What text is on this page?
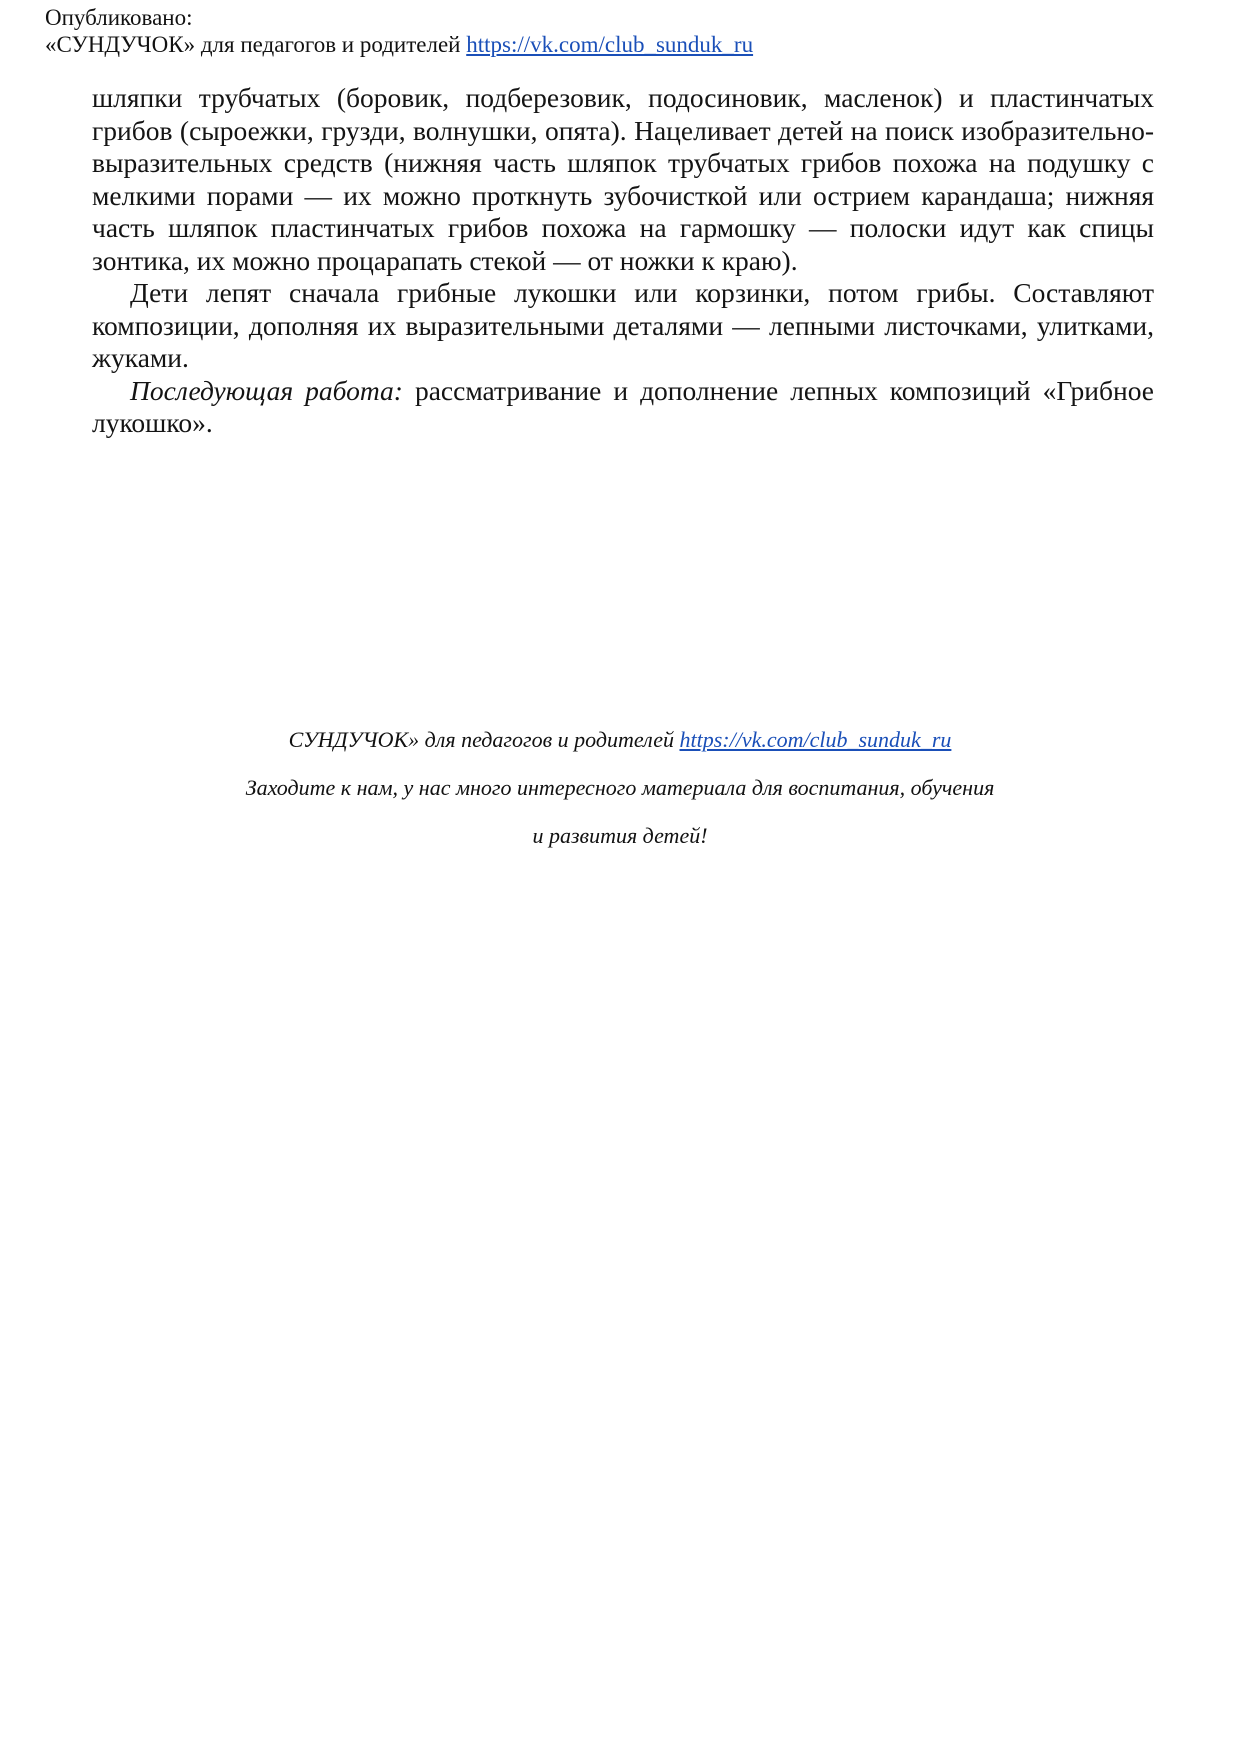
Опубликовано:
«СУНДУЧОК» для педагогов и родителей https://vk.com/club_sunduk_ru

шляпки трубчатых (боровик, подберезовик, подосиновик, масленок) и пластинчатых грибов (сыроежки, грузди, волнушки, опята). Нацеливает детей на поиск изобразительно-выразительных средств (нижняя часть шляпок трубчатых грибов похожа на подушку с мелкими порами — их можно проткнуть зубочисткой или острием карандаша; нижняя часть шляпок пластинчатых грибов похожа на гармошку — полоски идут как спицы зонтика, их можно процарапать стекой — от ножки к краю).

Дети лепят сначала грибные лукошки или корзинки, потом грибы. Составляют композиции, дополняя их выразительными деталями — лепными листочками, улитками, жуками.

Последующая работа: рассматривание и дополнение лепных композиций «Грибное лукошко».

СУНДУЧОК» для педагогов и родителей https://vk.com/club_sunduk_ru

Заходите к нам, у нас много интересного материала для воспитания, обучения

и развития детей!
